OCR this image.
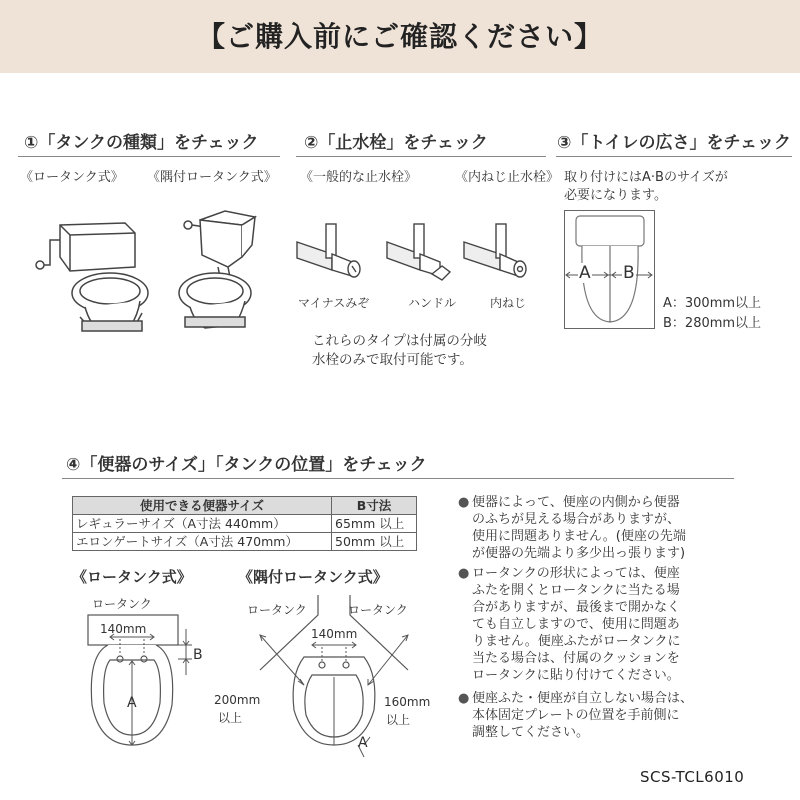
【ご購入前にご確認ください】
①「タンクの種類」をチェック
《ロータンク式》 《隅付ロータンク式》
②「止水栓」をチェック
《一般的な止水栓》	《内ねじ止水栓》
マイナスみぞ	ハンドル	内ねじ
これらのタイプは付属の分岐
水栓のみで取付可能です。
③「トイレの広さ」をチェック
取り付けにはA·Bのサイズが
必要になります。
A B
A：300mm以上
B：280mm以上
④「便器のサイズ」「タンクの位置」をチェック
使用できる便器サイズ	B寸法
レギュラーサイズ（A寸法 440mm）	65mm 以上
エロンゲートサイズ（A寸法 470mm）	50mm 以上
《ロータンク式》	《隅付ロータンク式》
ロータンク
140mm
B
A
ロータンク	ロータンク
140mm
200mm
以上
160mm
以上
A
● 便器によって、便座の内側から便器
のふちが見える場合がありますが、
使用に問題ありません。(便座の先端
が便器の先端より多少出っ張ります)
● ロータンクの形状によっては、便座
ふたを開くとロータンクに当たる場
合がありますが、最後まで開かなく
ても自立しますので、使用に問題あ
りません。便座ふたがロータンクに
当たる場合は、付属のクッションを
ロータンクに貼り付けてください。
● 便座ふた・便座が自立しない場合は、
本体固定プレートの位置を手前側に
調整してください。
SCS-TCL6010
